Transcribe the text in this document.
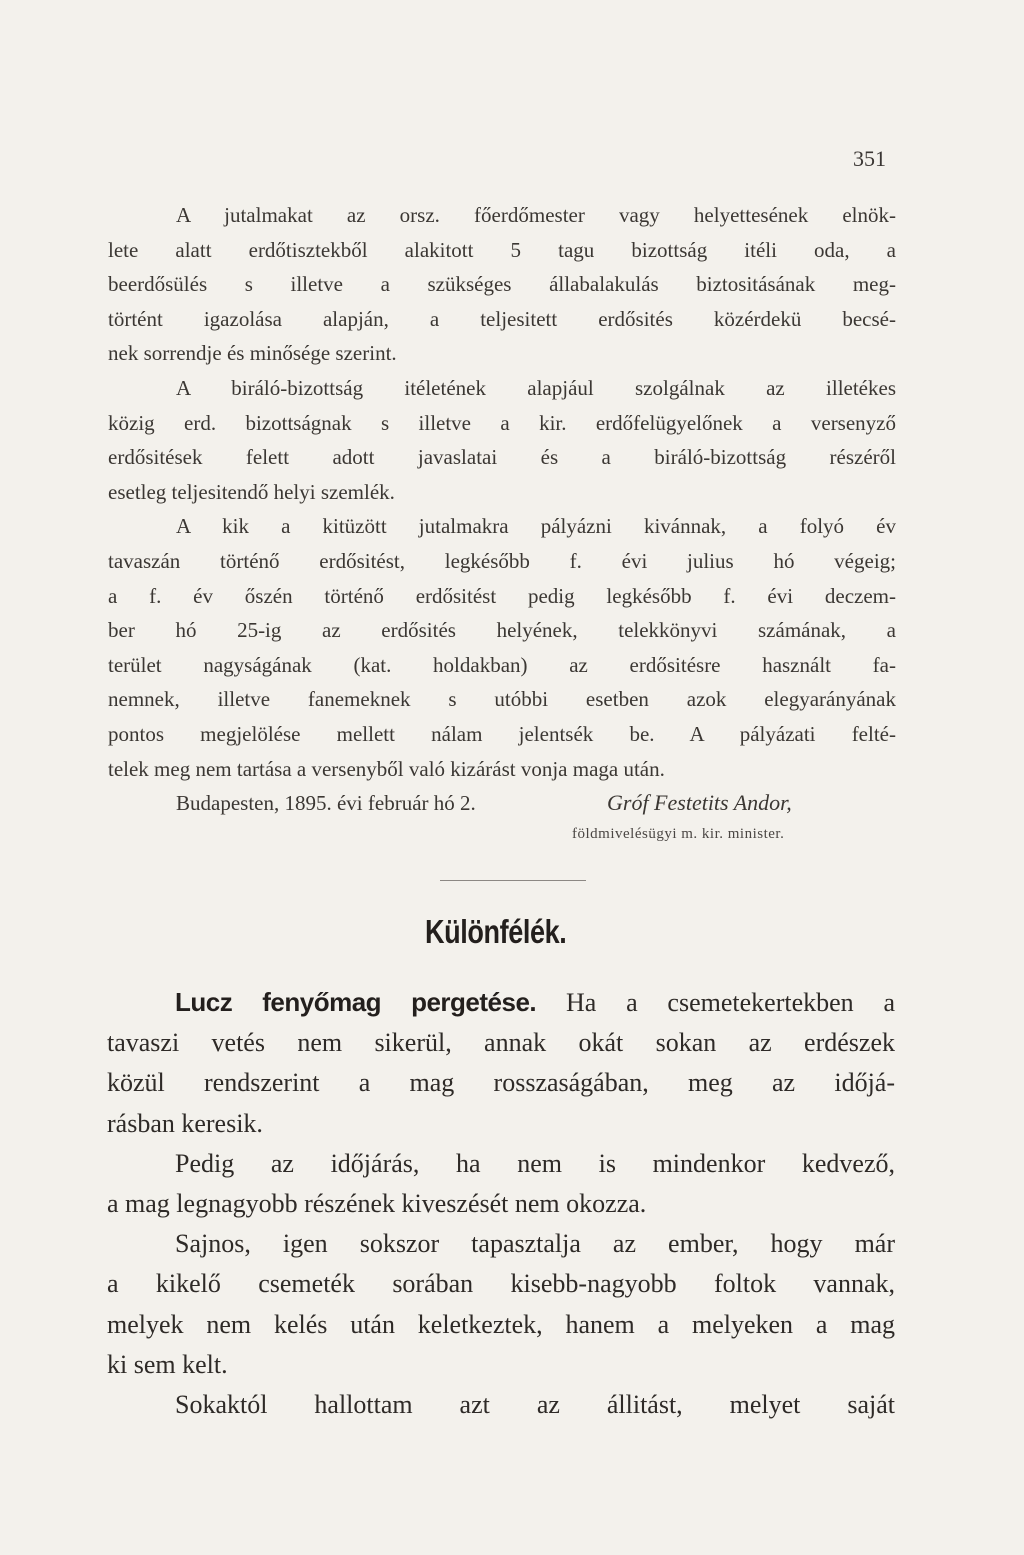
351
A jutalmakat az orsz. főerdőmester vagy helyettesének elnök-
lete alatt erdőtisztekből alakitott 5 tagu bizottság itéli oda, a
beerdősülés s illetve a szükséges állabalakulás biztositásának meg-
történt igazolása alapján, a teljesitett erdősités közérdekü becsé-
nek sorrendje és minősége szerint.
A biráló-bizottság itéletének alapjául szolgálnak az illetékes
közig erd. bizottságnak s illetve a kir. erdőfelügyelőnek a versenyző
erdősitések felett adott javaslatai és a biráló-bizottság részéről
esetleg teljesitendő helyi szemlék.
A kik a kitüzött jutalmakra pályázni kivánnak, a folyó év
tavaszán történő erdősitést, legkésőbb f. évi julius hó végeig;
a f. év őszén történő erdősitést pedig legkésőbb f. évi deczem-
ber hó 25-ig az erdősités helyének, telekkönyvi számának, a
terület nagyságának (kat. holdakban) az erdősitésre használt fa-
nemnek, illetve fanemeknek s utóbbi esetben azok elegyarányának
pontos megjelölése mellett nálam jelentsék be. A pályázati felté-
telek meg nem tartása a versenyből való kizárást vonja maga után.
Budapesten, 1895. évi február hó 2.	Gróf Festetits Andor,
földmivelésügyi m. kir. minister.
Különfélék.
Lucz fenyőmag pergetése. Ha a csemetekertekben a
tavaszi vetés nem sikerül, annak okát sokan az erdészek
közül rendszerint a mag rosszaságában, meg az időjá-
rásban keresik.
Pedig az időjárás, ha nem is mindenkor kedvező,
a mag legnagyobb részének kiveszését nem okozza.
Sajnos, igen sokszor tapasztalja az ember, hogy már
a kikelő csemeték sorában kisebb-nagyobb foltok vannak,
melyek nem kelés után keletkeztek, hanem a melyeken a mag
ki sem kelt.
Sokaktól hallottam azt az állitást, melyet saját
